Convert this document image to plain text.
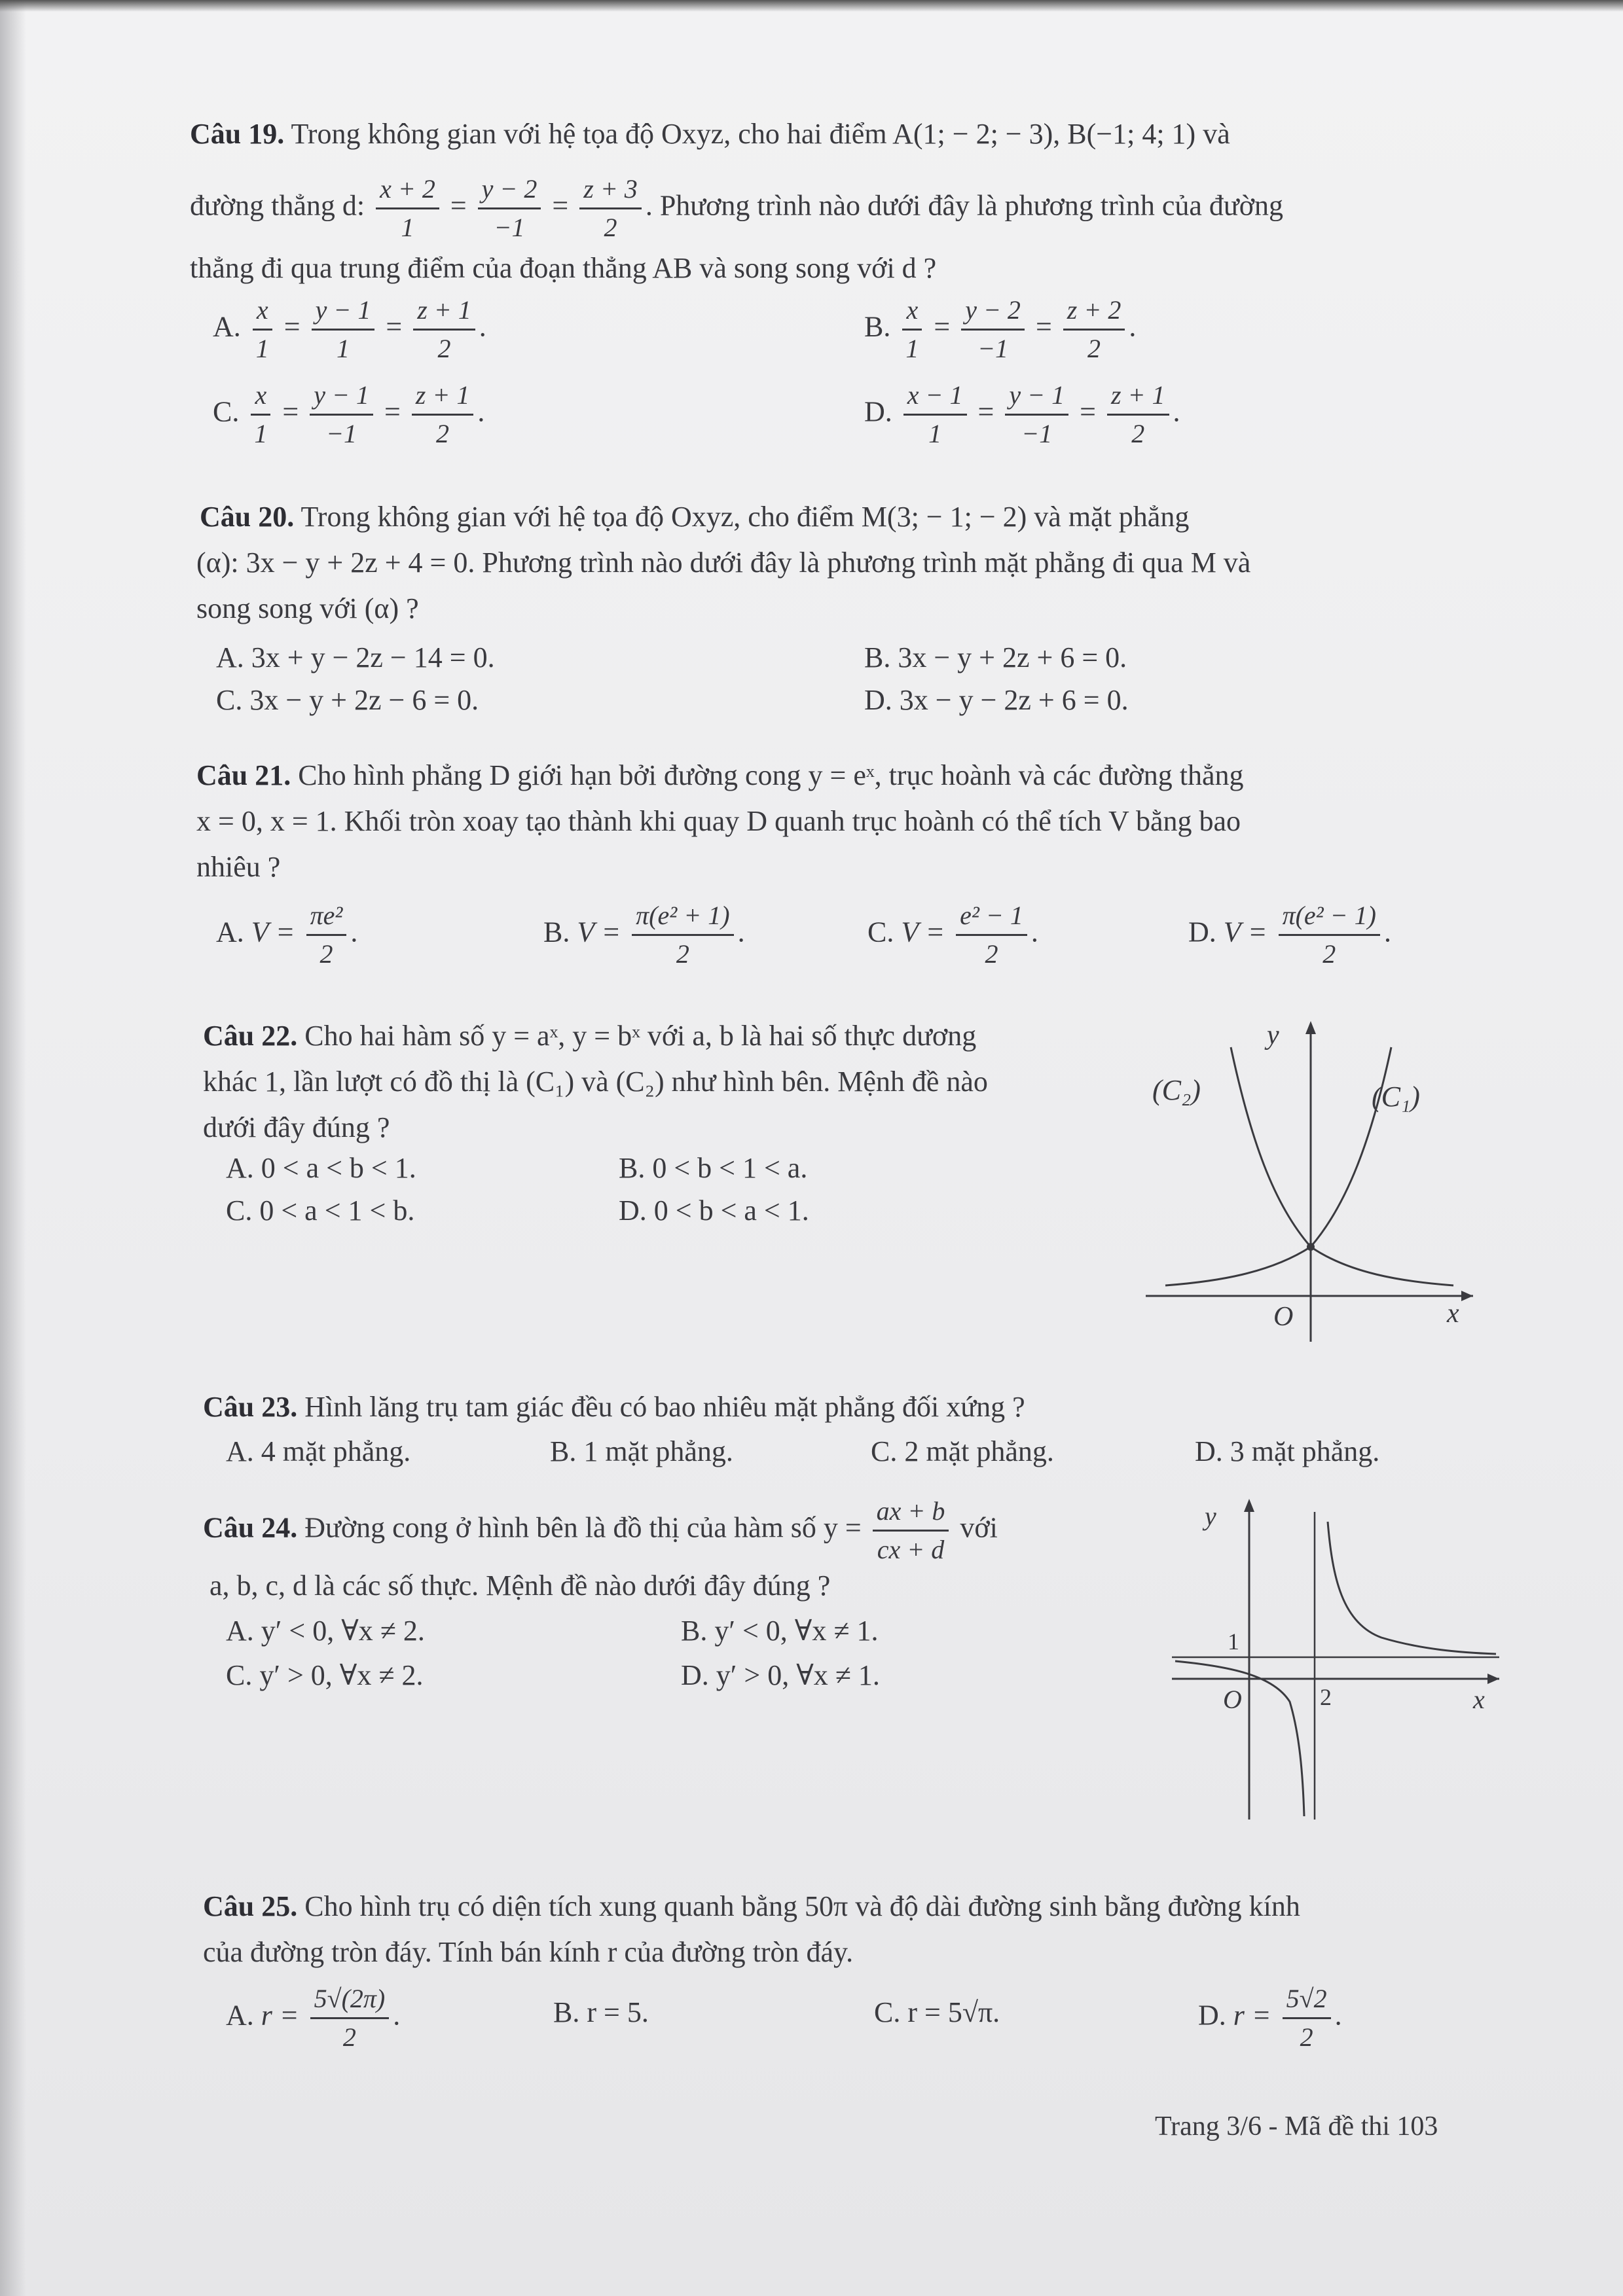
Câu 19. Trong không gian với hệ tọa độ Oxyz, cho hai điểm A(1; − 2; − 3), B(−1; 4; 1) và
đường thẳng d: $\frac{x + 2}{1} = \frac{y - 2}{-1} = \frac{z + 3}{2}$ . Phương trình nào dưới đây là phương trình của đường
thẳng đi qua trung điểm của đoạn thẳng AB và song song với d ?
A. $\frac{x}{1} = \frac{y - 1}{1} = \frac{z + 1}{2}$ .	B. $\frac{x}{1} = \frac{y - 2}{-1} = \frac{z + 2}{2}$ .
C. $\frac{x}{1} = \frac{y - 1}{-1} = \frac{z + 1}{2}$ .	D. $\frac{x - 1}{1} = \frac{y - 1}{-1} = \frac{z + 1}{2}$ .
Câu 20. Trong không gian với hệ tọa độ Oxyz, cho điểm M(3; − 1; − 2) và mặt phẳng
(α): 3x − y + 2z + 4 = 0. Phương trình nào dưới đây là phương trình mặt phẳng đi qua M và
song song với (α) ?
A. 3x + y − 2z − 14 = 0.	B. 3x − y + 2z + 6 = 0.
C. 3x − y + 2z − 6 = 0.	D. 3x − y − 2z + 6 = 0.
Câu 21. Cho hình phẳng D giới hạn bởi đường cong y = eˣ, trục hoành và các đường thẳng
x = 0, x = 1. Khối tròn xoay tạo thành khi quay D quanh trục hoành có thể tích V bằng bao
nhiêu ?
A. $V = \frac{\text{πe²}}{2}$ .	B. $V = \frac{\text{π(e² + 1)}}{2}$ .	C. $V = \frac{\text{e² − 1}}{2}$ .	D. $V = \frac{\text{π(e² − 1)}}{2}$ .
Câu 22. Cho hai hàm số y = aˣ, y = bˣ với a, b là hai số thực dương
khác 1, lần lượt có đồ thị là (C₁) và (C₂) như hình bên. Mệnh đề nào
dưới đây đúng ?
A. 0 < a < b < 1.	B. 0 < b < 1 < a.
C. 0 < a < 1 < b.	D. 0 < b < a < 1.
(C₂)	(C₁)
y
x
O
Câu 23. Hình lăng trụ tam giác đều có bao nhiêu mặt phẳng đối xứng ?
A. 4 mặt phẳng.	B. 1 mặt phẳng.	C. 2 mặt phẳng.	D. 3 mặt phẳng.
Câu 24. Đường cong ở hình bên là đồ thị của hàm số $y = \frac{ax + b}{cx + d}$ với
a, b, c, d là các số thực. Mệnh đề nào dưới đây đúng ?
A. y′ < 0, ∀x ≠ 2.	B. y′ < 0, ∀x ≠ 1.
C. y′ > 0, ∀x ≠ 2.	D. y′ > 0, ∀x ≠ 1.
y
x
O
1
2
Câu 25. Cho hình trụ có diện tích xung quanh bằng 50π và độ dài đường sinh bằng đường kính
của đường tròn đáy. Tính bán kính r của đường tròn đáy.
A. $r = \frac{5√(2\pi)}{2}$ .	B. r = 5.	C. r = 5√π.	D. $r = \frac{5√2}{2}$ .
Trang 3/6 - Mã đề thi 103
